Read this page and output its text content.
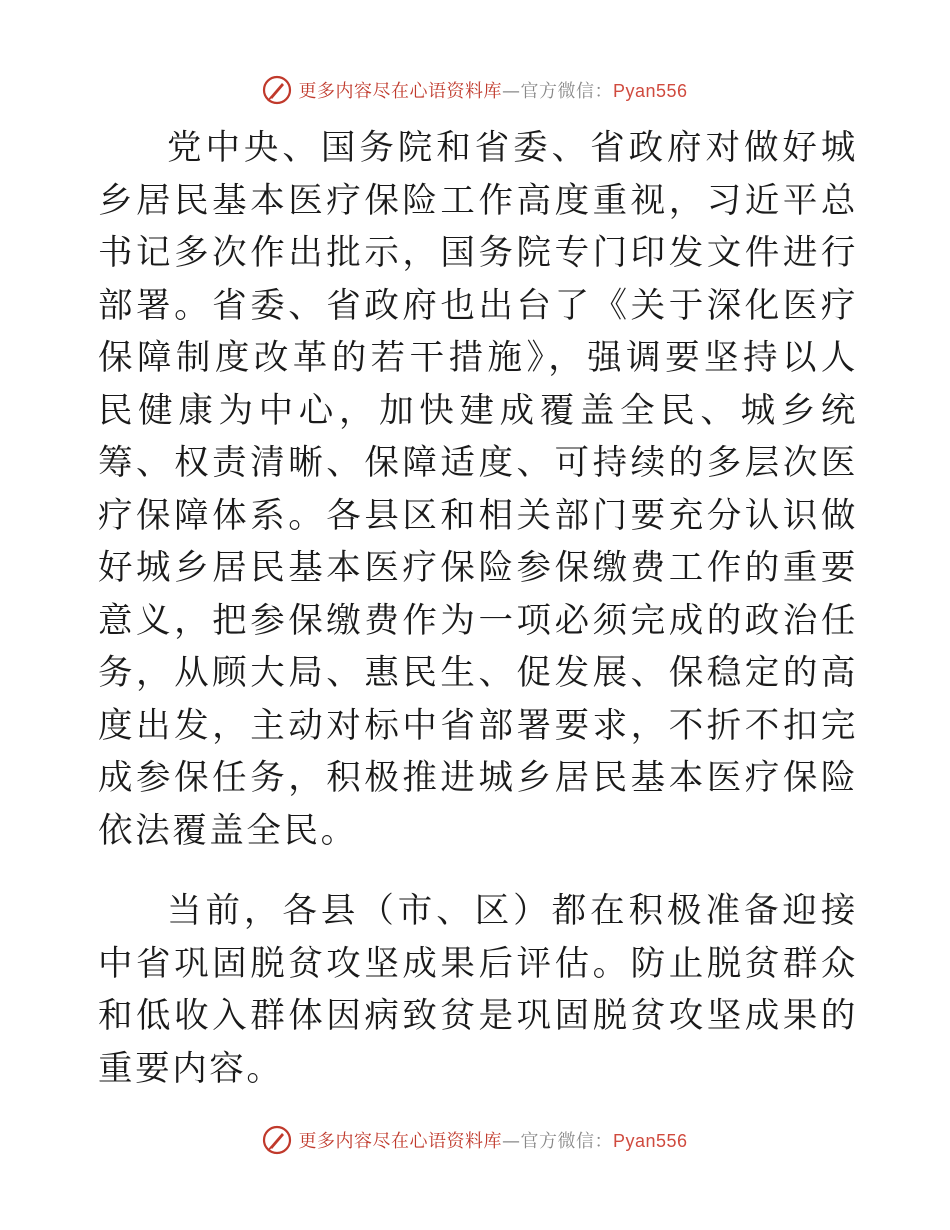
更多内容尽在心语资料库—官方微信：Pyan556

党中央、国务院和省委、省政府对做好城乡居民基本医疗保险工作高度重视，习近平总书记多次作出批示，国务院专门印发文件进行部署。省委、省政府也出台了《关于深化医疗保障制度改革的若干措施》，强调要坚持以人民健康为中心，加快建成覆盖全民、城乡统筹、权责清晰、保障适度、可持续的多层次医疗保障体系。各县区和相关部门要充分认识做好城乡居民基本医疗保险参保缴费工作的重要意义，把参保缴费作为一项必须完成的政治任务，从顾大局、惠民生、促发展、保稳定的高度出发，主动对标中省部署要求，不折不扣完成参保任务，积极推进城乡居民基本医疗保险依法覆盖全民。

当前，各县（市、区）都在积极准备迎接中省巩固脱贫攻坚成果后评估。防止脱贫群众和低收入群体因病致贫是巩固脱贫攻坚成果的重要内容。

更多内容尽在心语资料库—官方微信：Pyan556
